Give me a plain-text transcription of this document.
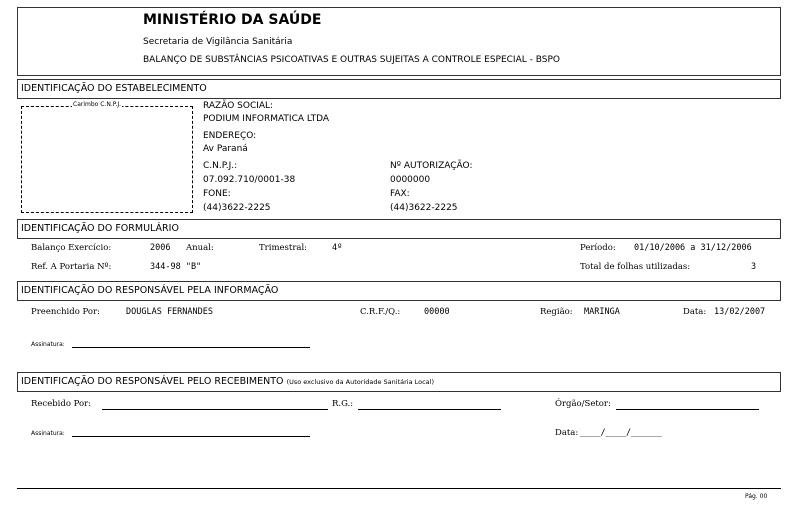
MINISTÉRIO DA SAÚDE
Secretaria de Vigilância Sanitária
BALANÇO DE SUBSTÂNCIAS PSICOATIVAS E OUTRAS SUJEITAS A CONTROLE ESPECIAL - BSPO
IDENTIFICAÇÃO DO ESTABELECIMENTO
Carimbo C.N.P.J.	RAZÃO SOCIAL:
PODIUM INFORMATICA LTDA
ENDEREÇO:
Av Paraná
C.N.P.J.:
07.092.710/0001-38
Nº AUTORIZAÇÃO:
0000000
FONE:
(44)3622-2225
FAX:
(44)3622-2225
IDENTIFICAÇÃO DO FORMULÁRIO
Balanço Exercício:	2006 Anual:	Trimestral:	4º	Período: 01/10/2006 a 31/12/2006
Ref. A Portaria Nº:	344-98 "B"	Total de folhas utilizadas:	3
IDENTIFICAÇÃO DO RESPONSÁVEL PELA INFORMAÇÃO
Preenchido Por:	DOUGLAS FERNANDES	C.R.F./Q.:	00000	Região: MARINGA	Data: 13/02/2007
Assinatura:
IDENTIFICAÇÃO DO RESPONSÁVEL PELO RECEBIMENTO (Uso exclusivo da Autoridade Sanitária Local)
Recebido Por:	R.G.:	Órgão/Setor:
Assinatura:	Data: ____/____/______
Pág. 00
